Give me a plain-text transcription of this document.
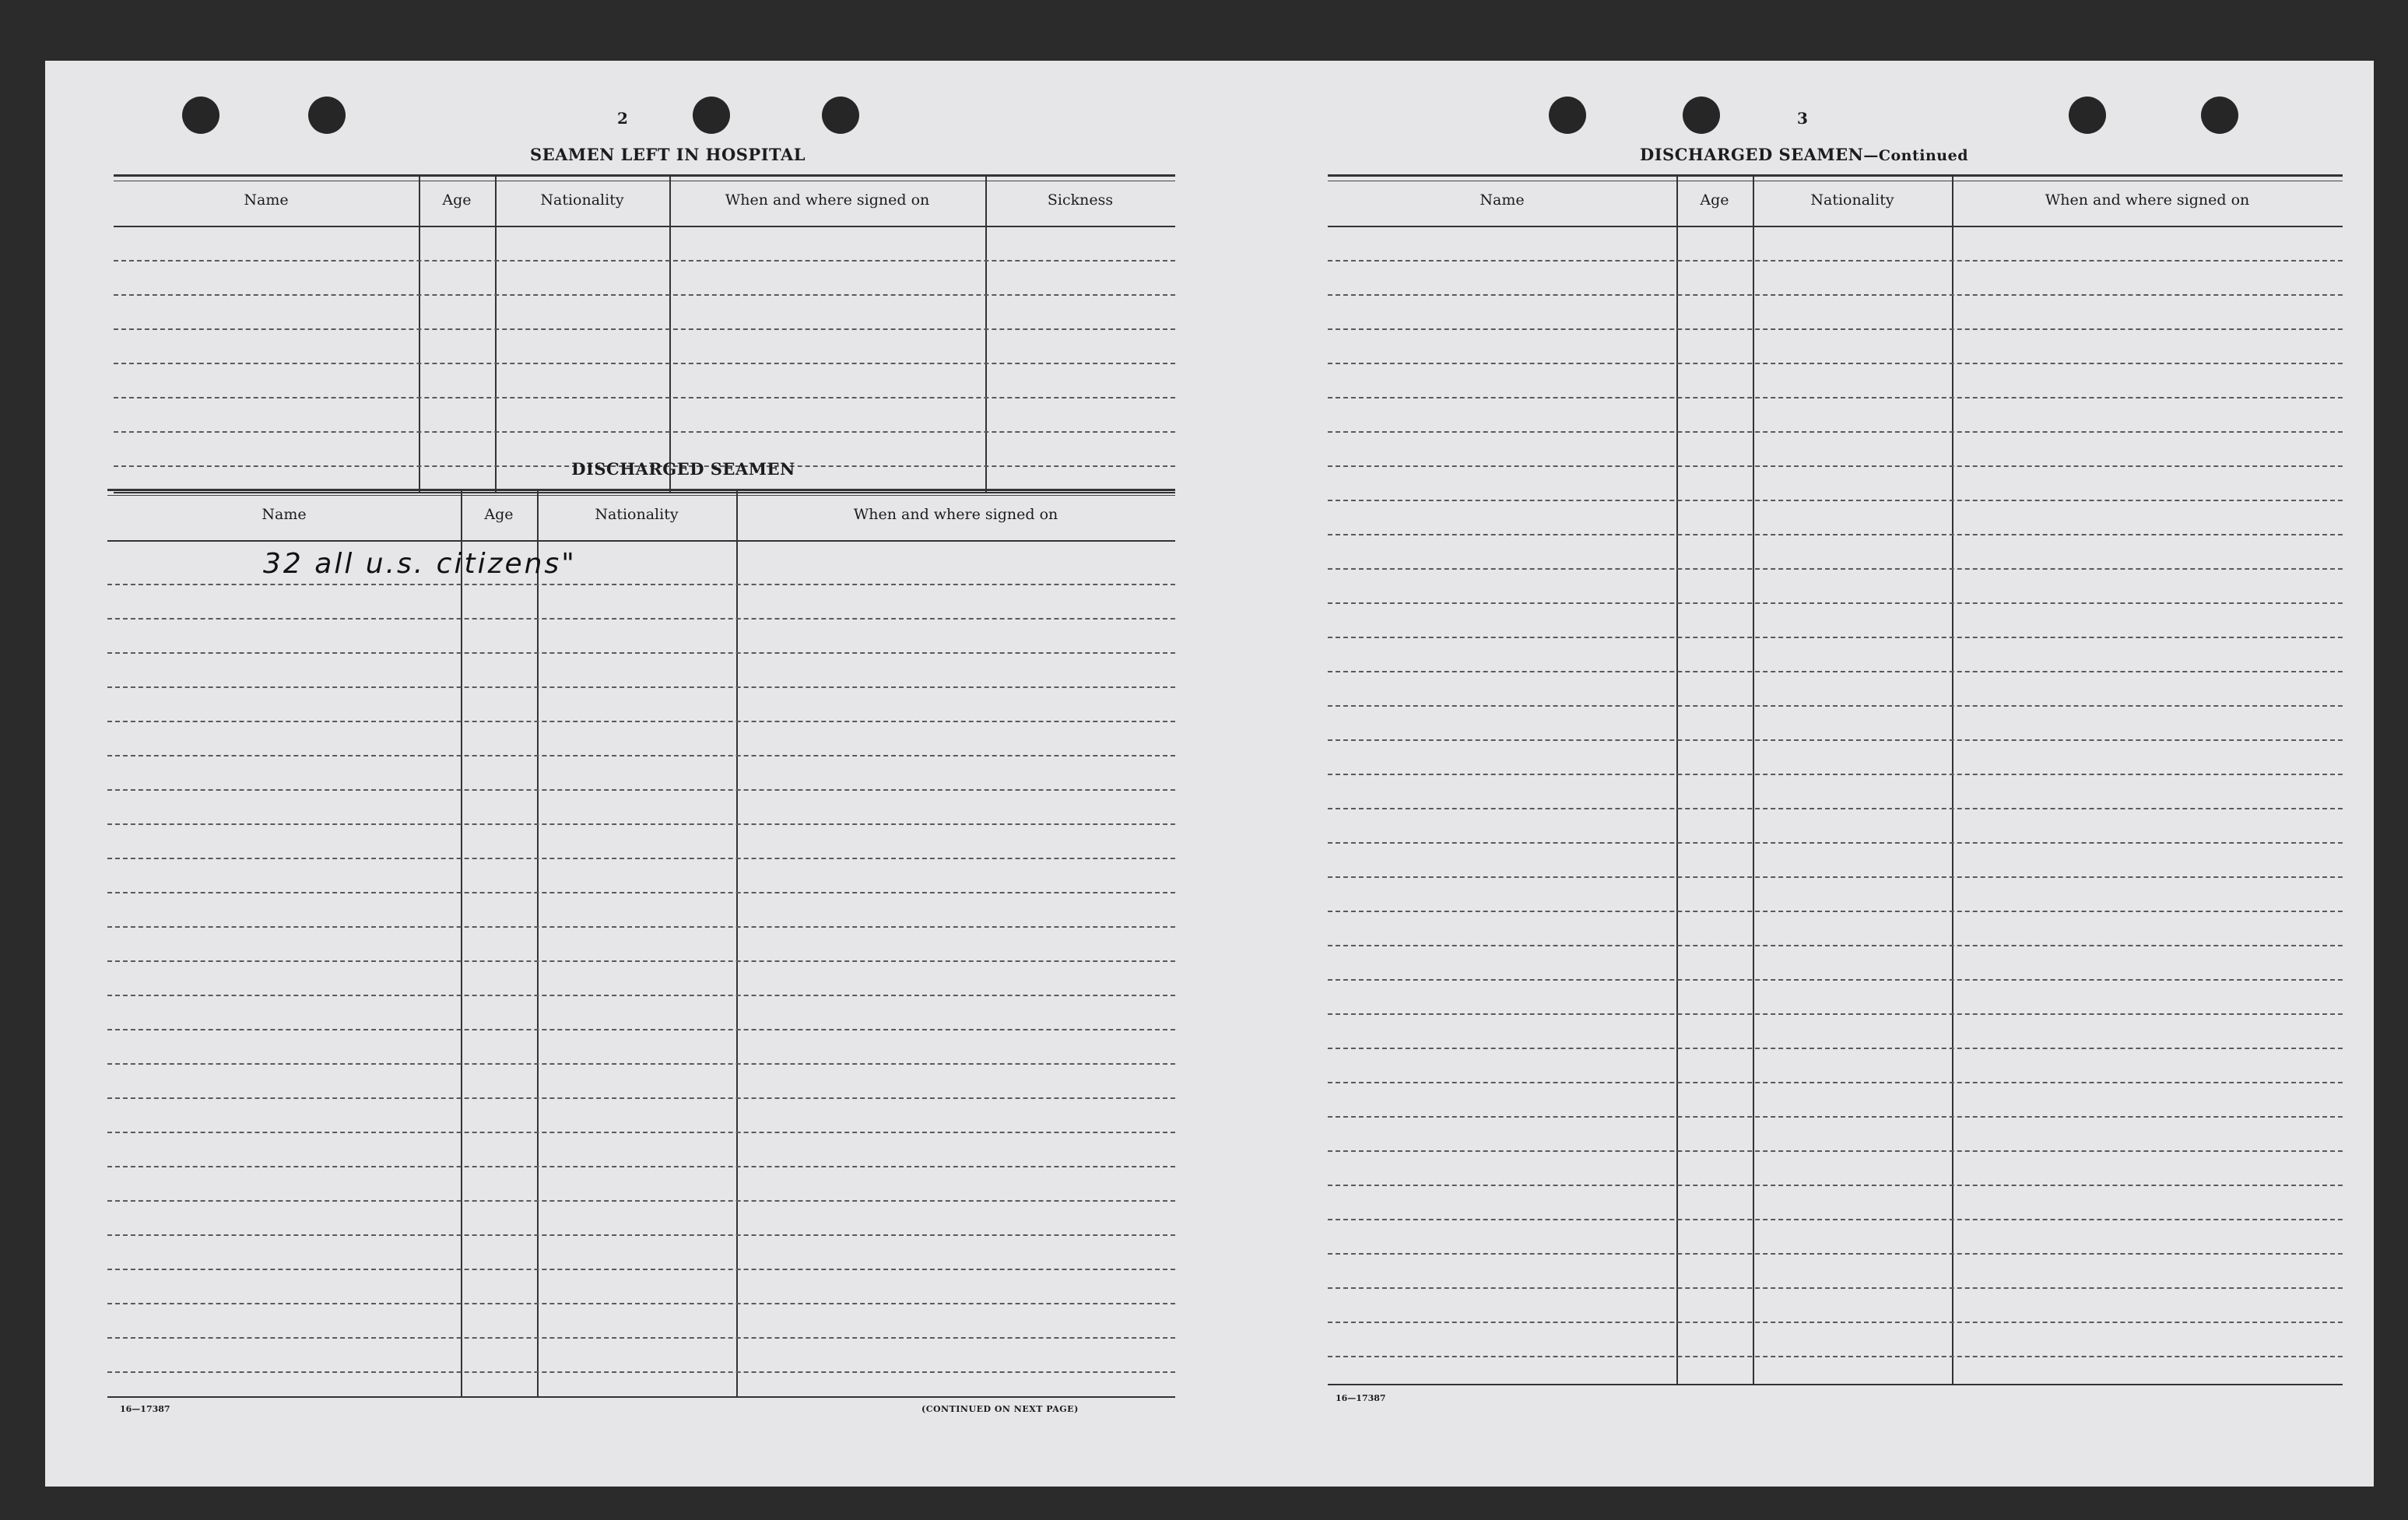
2
SEAMEN LEFT IN HOSPITAL
Name	Age	Nationality	When and where signed on	Sickness
DISCHARGED SEAMEN
Name	Age	Nationality	When and where signed on
32 all u.s. citizens"
16—17387	(CONTINUED ON NEXT PAGE)
3
DISCHARGED SEAMEN—Continued
Name	Age	Nationality	When and where signed on
16—17387
